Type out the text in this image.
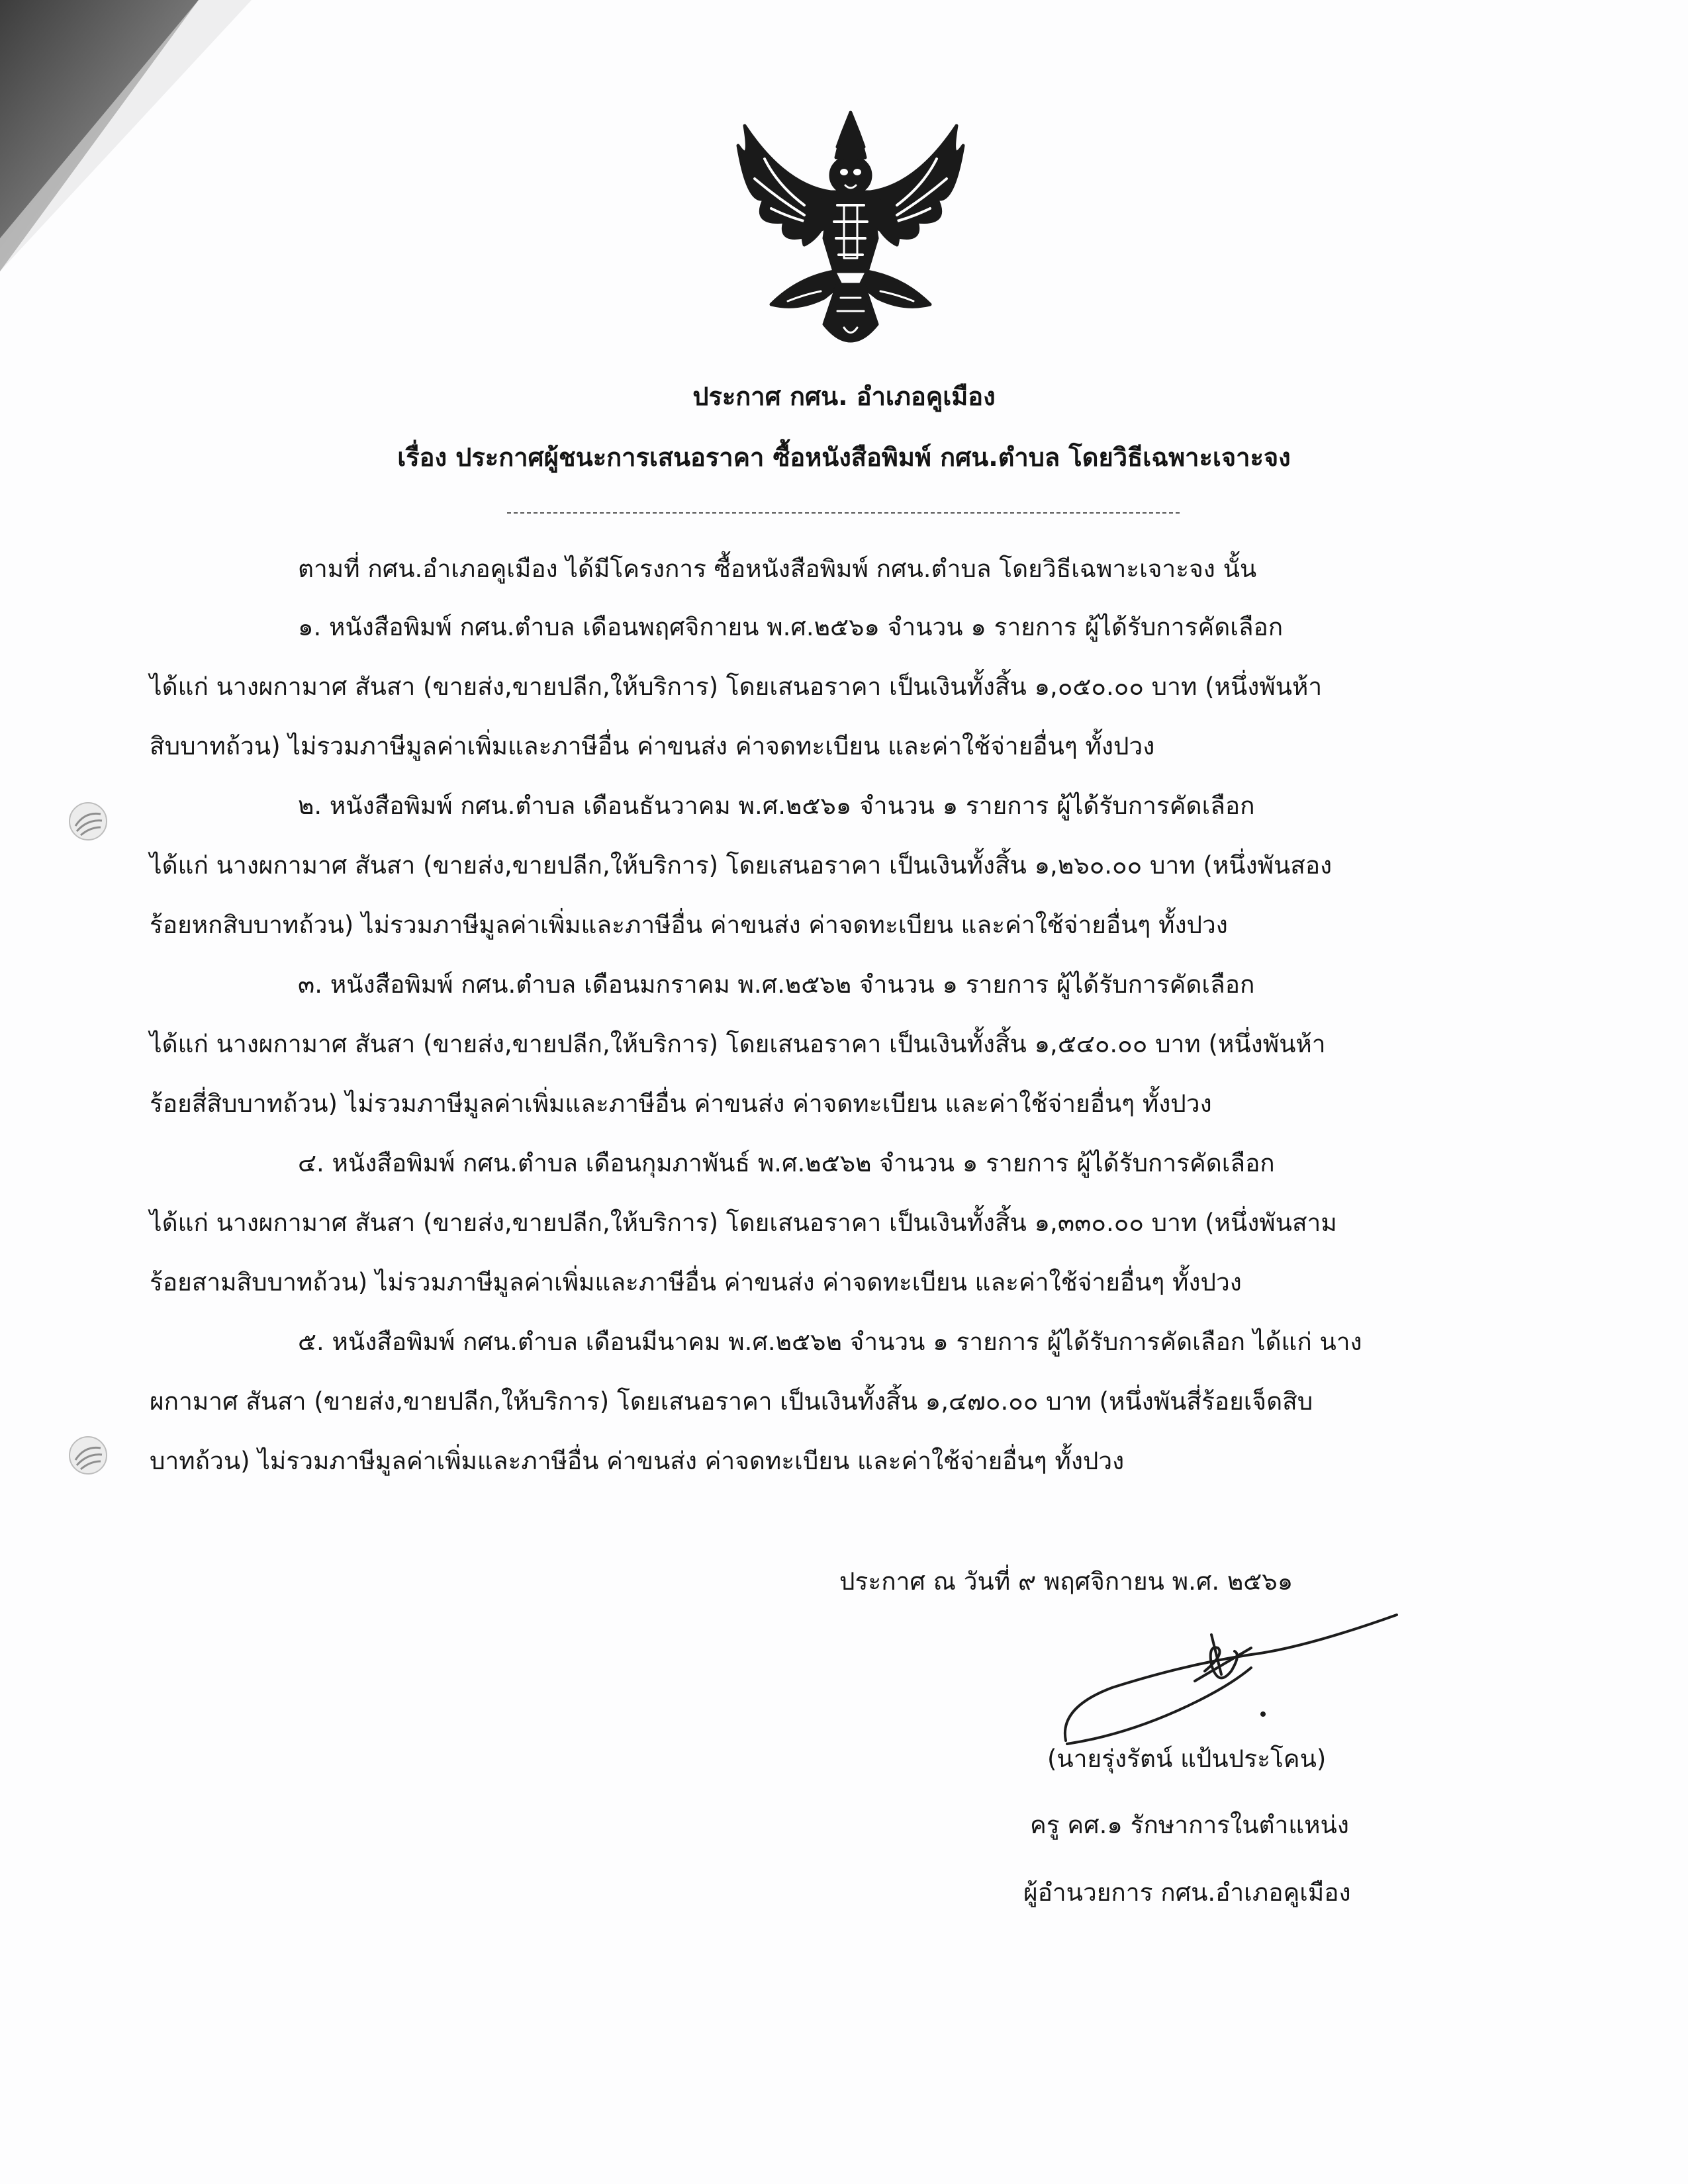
ประกาศ กศน. อำเภอคูเมือง
เรื่อง ประกาศผู้ชนะการเสนอราคา ซื้อหนังสือพิมพ์ กศน.ตำบล โดยวิธีเฉพาะเจาะจง
ตามที่ กศน.อำเภอคูเมือง ได้มีโครงการ ซื้อหนังสือพิมพ์ กศน.ตำบล โดยวิธีเฉพาะเจาะจง นั้น
๑. หนังสือพิมพ์ กศน.ตำบล เดือนพฤศจิกายน พ.ศ.๒๕๖๑ จำนวน ๑ รายการ ผู้ได้รับการคัดเลือก
ได้แก่ นางผกามาศ สันสา (ขายส่ง,ขายปลีก,ให้บริการ) โดยเสนอราคา เป็นเงินทั้งสิ้น ๑,๐๕๐.๐๐ บาท (หนึ่งพันห้า
สิบบาทถ้วน) ไม่รวมภาษีมูลค่าเพิ่มและภาษีอื่น ค่าขนส่ง ค่าจดทะเบียน และค่าใช้จ่ายอื่นๆ ทั้งปวง
๒. หนังสือพิมพ์ กศน.ตำบล เดือนธันวาคม พ.ศ.๒๕๖๑ จำนวน ๑ รายการ ผู้ได้รับการคัดเลือก
ได้แก่ นางผกามาศ สันสา (ขายส่ง,ขายปลีก,ให้บริการ) โดยเสนอราคา เป็นเงินทั้งสิ้น ๑,๒๖๐.๐๐ บาท (หนึ่งพันสอง
ร้อยหกสิบบาทถ้วน) ไม่รวมภาษีมูลค่าเพิ่มและภาษีอื่น ค่าขนส่ง ค่าจดทะเบียน และค่าใช้จ่ายอื่นๆ ทั้งปวง
๓. หนังสือพิมพ์ กศน.ตำบล เดือนมกราคม พ.ศ.๒๕๖๒ จำนวน ๑ รายการ ผู้ได้รับการคัดเลือก
ได้แก่ นางผกามาศ สันสา (ขายส่ง,ขายปลีก,ให้บริการ) โดยเสนอราคา เป็นเงินทั้งสิ้น ๑,๕๔๐.๐๐ บาท (หนึ่งพันห้า
ร้อยสี่สิบบาทถ้วน) ไม่รวมภาษีมูลค่าเพิ่มและภาษีอื่น ค่าขนส่ง ค่าจดทะเบียน และค่าใช้จ่ายอื่นๆ ทั้งปวง
๔. หนังสือพิมพ์ กศน.ตำบล เดือนกุมภาพันธ์ พ.ศ.๒๕๖๒ จำนวน ๑ รายการ ผู้ได้รับการคัดเลือก
ได้แก่ นางผกามาศ สันสา (ขายส่ง,ขายปลีก,ให้บริการ) โดยเสนอราคา เป็นเงินทั้งสิ้น ๑,๓๓๐.๐๐ บาท (หนึ่งพันสาม
ร้อยสามสิบบาทถ้วน) ไม่รวมภาษีมูลค่าเพิ่มและภาษีอื่น ค่าขนส่ง ค่าจดทะเบียน และค่าใช้จ่ายอื่นๆ ทั้งปวง
๕. หนังสือพิมพ์ กศน.ตำบล เดือนมีนาคม พ.ศ.๒๕๖๒ จำนวน ๑ รายการ ผู้ได้รับการคัดเลือก ได้แก่ นาง
ผกามาศ สันสา (ขายส่ง,ขายปลีก,ให้บริการ) โดยเสนอราคา เป็นเงินทั้งสิ้น ๑,๔๗๐.๐๐ บาท (หนึ่งพันสี่ร้อยเจ็ดสิบ
บาทถ้วน) ไม่รวมภาษีมูลค่าเพิ่มและภาษีอื่น ค่าขนส่ง ค่าจดทะเบียน และค่าใช้จ่ายอื่นๆ ทั้งปวง
ประกาศ ณ วันที่ ๙ พฤศจิกายน พ.ศ. ๒๕๖๑
(นายรุ่งรัตน์ แป้นประโคน)
ครู คศ.๑ รักษาการในตำแหน่ง
ผู้อำนวยการ กศน.อำเภอคูเมือง
